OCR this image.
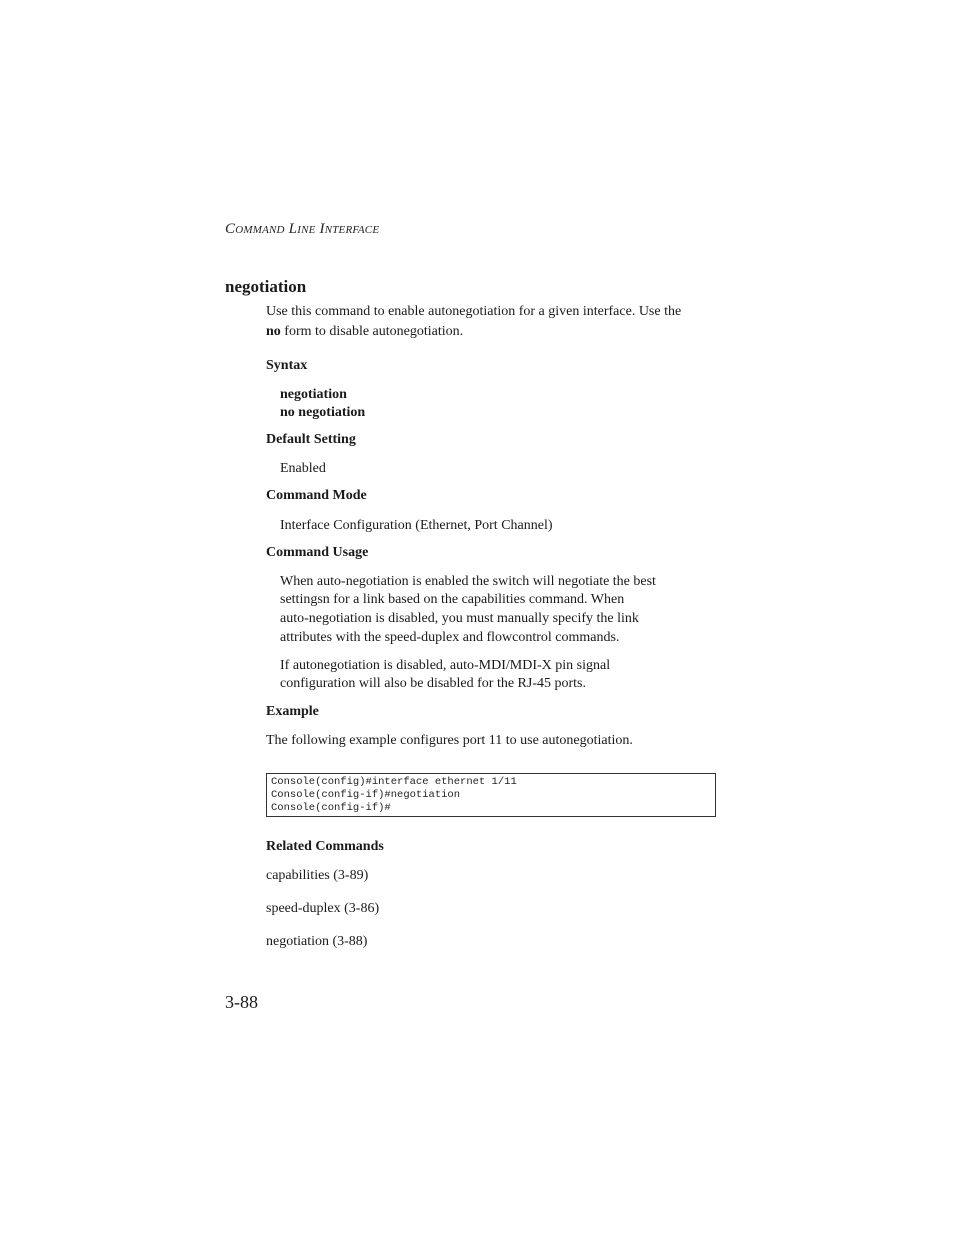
COMMAND LINE INTERFACE
negotiation
Use this command to enable autonegotiation for a given interface. Use the
no form to disable autonegotiation.
Syntax
negotiation
no negotiation
Default Setting
Enabled
Command Mode
Interface Configuration (Ethernet, Port Channel)
Command Usage
When auto-negotiation is enabled the switch will negotiate the best
settingsn for a link based on the capabilities command. When
auto-negotiation is disabled, you must manually specify the link
attributes with the speed-duplex and flowcontrol commands.
If autonegotiation is disabled, auto-MDI/MDI-X pin signal
configuration will also be disabled for the RJ-45 ports.
Example
The following example configures port 11 to use autonegotiation.
Console(config)#interface ethernet 1/11
Console(config-if)#negotiation
Console(config-if)#
Related Commands
capabilities (3-89)
speed-duplex (3-86)
negotiation (3-88)
3-88
